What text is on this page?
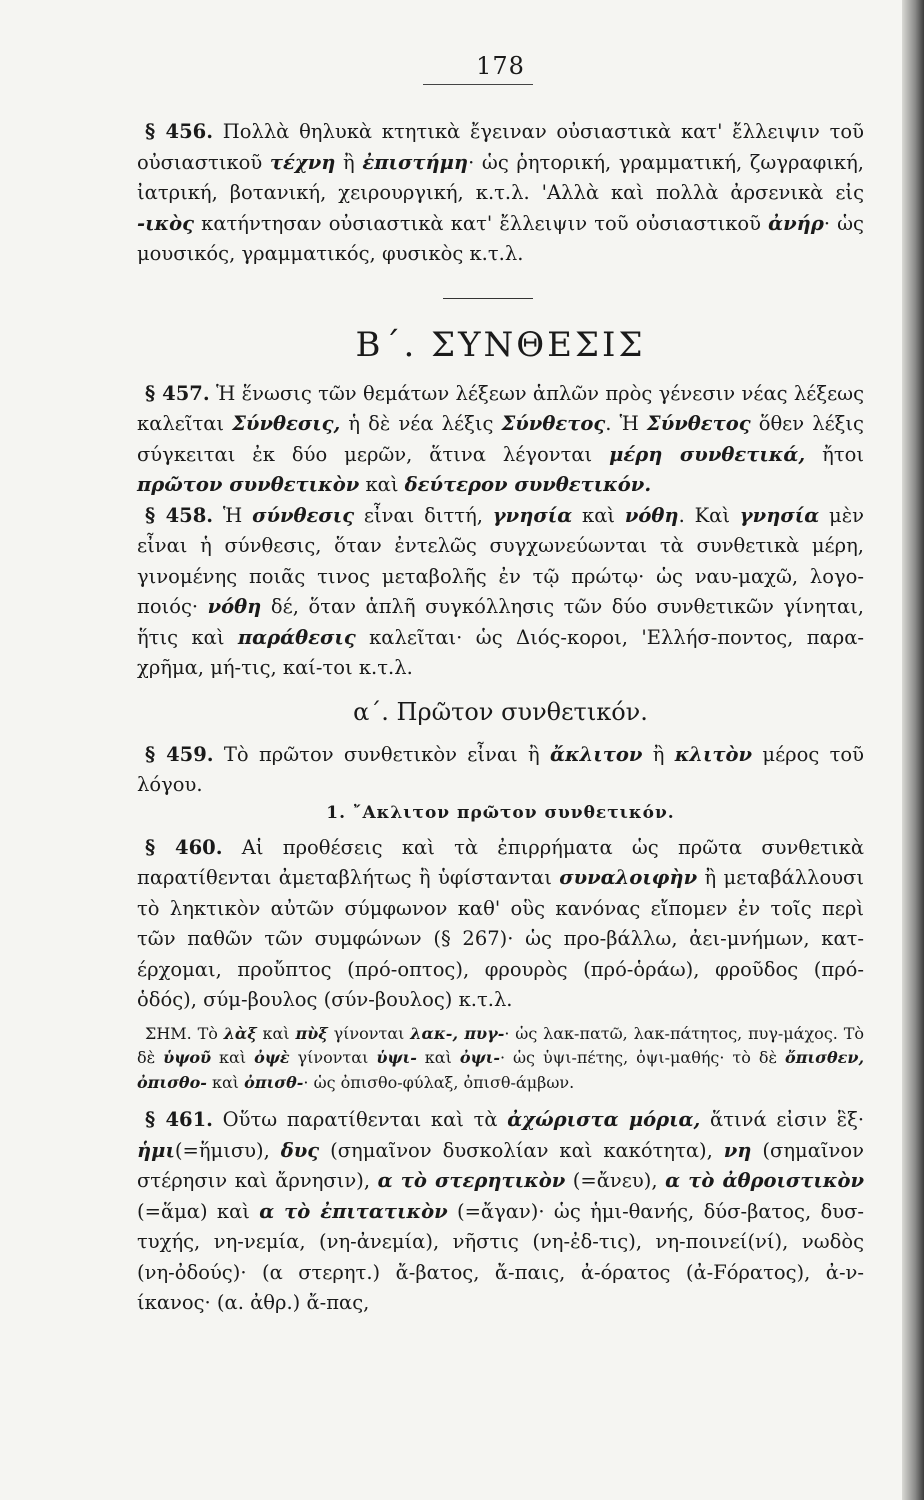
178

§ 456. Πολλὰ θηλυκὰ κτητικὰ ἔγειναν οὐσιαστικὰ κατ' ἔλλειψιν τοῦ οὐσιαστικοῦ τέχνη ἢ ἐπιστήμη· ὡς ῥητορική, γραμματική, ζωγραφική, ἰατρική, βοτανική, χειρουργική, κ.τ.λ. 'Αλλὰ καὶ πολλὰ ἀρσενικὰ εἰς -ικὸς κατήντησαν οὐσιαστικὰ κατ' ἔλλειψιν τοῦ οὐσιαστικοῦ ἀνήρ· ὡς μουσικός, γραμματικός, φυσικὸς κ.τ.λ.

Β΄. ΣΥΝΘΕΣΙΣ

§ 457. Ἡ ἕνωσις τῶν θεμάτων λέξεων ἁπλῶν πρὸς γένεσιν νέας λέξεως καλεῖται Σύνθεσις, ἡ δὲ νέα λέξις Σύνθετος. Ἡ Σύνθετος ὅθεν λέξις σύγκειται ἐκ δύο μερῶν, ἅτινα λέγονται μέρη συνθετικά, ἤτοι πρῶτον συνθετικὸν καὶ δεύτερον συνθετικόν.

§ 458. Ἡ σύνθεσις εἶναι διττή, γνησία καὶ νόθη. Καὶ γνησία μὲν εἶναι ἡ σύνθεσις, ὅταν ἐντελῶς συγχωνεύωνται τὰ συνθετικὰ μέρη, γινομένης ποιᾶς τινος μεταβολῆς ἐν τῷ πρώτῳ· ὡς ναυ-μαχῶ, λογο-ποιός· νόθη δέ, ὅταν ἁπλῆ συγκόλλησις τῶν δύο συνθετικῶν γίνηται, ἥτις καὶ παράθεσις καλεῖται· ὡς Διός-κοροι, 'Ελλήσ-ποντος, παρα-χρῆμα, μή-τις, καί-τοι κ.τ.λ.

α΄. Πρῶτον συνθετικόν.

§ 459. Τὸ πρῶτον συνθετικὸν εἶναι ἢ ἄκλιτον ἢ κλιτὸν μέρος τοῦ λόγου.

1. ῎Ακλιτον πρῶτον συνθετικόν.

§ 460. Αἱ προθέσεις καὶ τὰ ἐπιρρήματα ὡς πρῶτα συνθετικὰ παρατίθενται ἀμεταβλήτως ἢ ὑφίστανται συναλοιφὴν ἢ μεταβάλλουσι τὸ ληκτικὸν αὐτῶν σύμφωνον καθ' οὓς κανόνας εἴπομεν ἐν τοῖς περὶ τῶν παθῶν τῶν συμφώνων (§ 267)· ὡς προ-βάλλω, ἀει-μνήμων, κατ-έρχομαι, προὔπτος (πρό-οπτος), φρουρὸς (πρό-ὁράω), φροῦδος (πρό-ὁδός), σύμ-βουλος (σύν-βουλος) κ.τ.λ.

ΣΗΜ. Τὸ λὰξ καὶ πὺξ γίνονται λακ-, πυγ-· ὡς λακ-πατῶ, λακ-πάτητος, πυγ-μάχος. Τὸ δὲ ὑψοῦ καὶ ὀψὲ γίνονται ὑψι- καὶ ὀψι-· ὡς ὑψι-πέτης, ὀψι-μαθής· τὸ δὲ ὄπισθεν, ὀπισθο- καὶ ὀπισθ-· ὡς ὀπισθο-φύλαξ, ὀπισθ-άμβων.

§ 461. Οὕτω παρατίθενται καὶ τὰ ἀχώριστα μόρια, ἅτινά εἰσιν ἓξ· ἡμι(=ἥμισυ), δυς (σημαῖνον δυσκολίαν καὶ κακότητα), νη (σημαῖνον στέρησιν καὶ ἄρνησιν), α τὸ στερητικὸν (=ἄνευ), α τὸ ἀθροιστικὸν (=ἅμα) καὶ α τὸ ἐπιτατικὸν (=ἄγαν)· ὡς ἡμι-θανής, δύσ-βατος, δυσ-τυχής, νη-νεμία, (νη-ἀνεμία), νῆστις (νη-ἐδ-τις), νη-ποινεί(νί), νωδὸς (νη-ὀδούς)· (α στερητ.) ἄ-βατος, ἄ-παις, ἀ-όρατος (ἀ-Fόρατος), ἀ-ν-ίκανος· (α. ἀθρ.) ἄ-πας,
